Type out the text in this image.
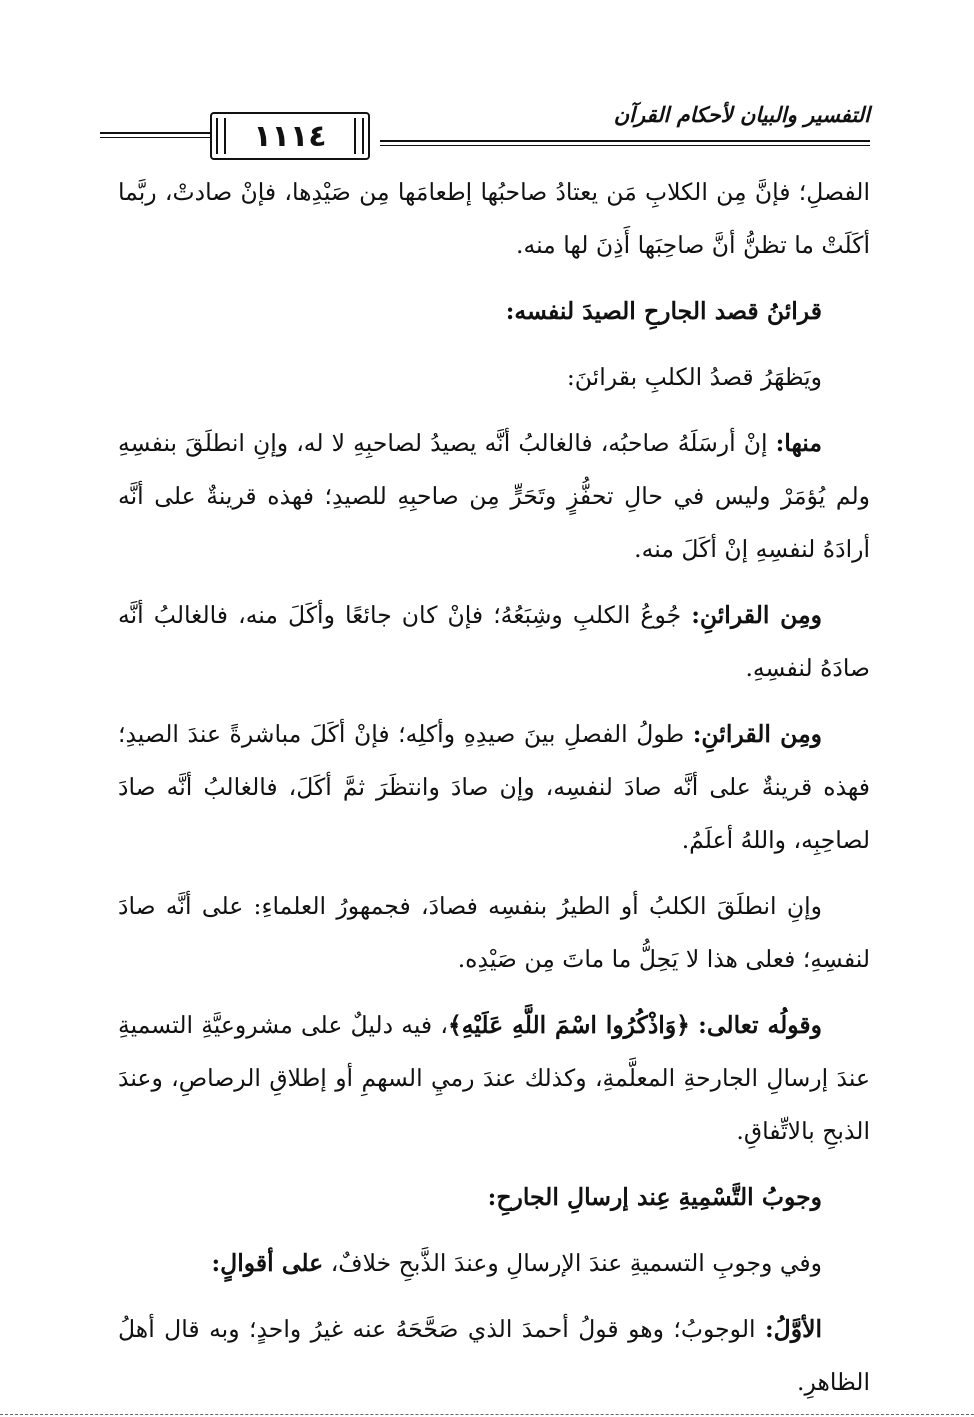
١١١٤
التفسير والبيان لأحكام القرآن

الفصلِ؛ فإنَّ مِن الكلابِ مَن يعتادُ صاحبُها إطعامَها مِن صَيْدِها، فإنْ صادتْ، ربَّما أكَلَتْ ما تظنُّ أنَّ صاحِبَها أَذِنَ لها منه.

قرائنُ قصد الجارحِ الصيدَ لنفسه:

ويَظهَرُ قصدُ الكلبِ بقرائنَ:

منها: إنْ أرسَلَهُ صاحبُه، فالغالبُ أنَّه يصيدُ لصاحبِهِ لا له، وإنِ انطلَقَ بنفسِهِ ولم يُؤمَرْ وليس في حالِ تحفُّزٍ وتَحَرٍّ مِن صاحبِهِ للصيدِ؛ فهذه قرينةٌ على أنَّه أرادَهُ لنفسِهِ إنْ أكَلَ منه.

ومِن القرائنِ: جُوعُ الكلبِ وشِبَعُهُ؛ فإنْ كان جائعًا وأكَلَ منه، فالغالبُ أنَّه صادَهُ لنفسِهِ.

ومِن القرائنِ: طولُ الفصلِ بينَ صيدِهِ وأكلِه؛ فإنْ أكَلَ مباشرةً عندَ الصيدِ؛ فهذه قرينةٌ على أنَّه صادَ لنفسِه، وإن صادَ وانتظَرَ ثمَّ أكَلَ، فالغالبُ أنَّه صادَ لصاحِبِه، واللهُ أعلَمُ.

وإنِ انطلَقَ الكلبُ أو الطيرُ بنفسِه فصادَ، فجمهورُ العلماءِ: على أنَّه صادَ لنفسِهِ؛ فعلى هذا لا يَحِلُّ ما ماتَ مِن صَيْدِه.

وقولُه تعالى: ﴿وَاذْكُرُوا اسْمَ اللَّهِ عَلَيْهِ﴾، فيه دليلٌ على مشروعيَّةِ التسميةِ عندَ إرسالِ الجارحةِ المعلَّمةِ، وكذلك عندَ رميِ السهمِ أو إطلاقِ الرصاصِ، وعندَ الذبحِ بالاتِّفاقِ.

وجوبُ التَّسْمِيةِ عِند إرسالِ الجارحِ:

وفي وجوبِ التسميةِ عندَ الإرسالِ وعندَ الذَّبحِ خلافٌ، على أقوالٍ:

الأوَّلُ: الوجوبُ؛ وهو قولُ أحمدَ الذي صَحَّحَهُ عنه غيرُ واحدٍ؛ وبه قال أهلُ الظاهرِ.
